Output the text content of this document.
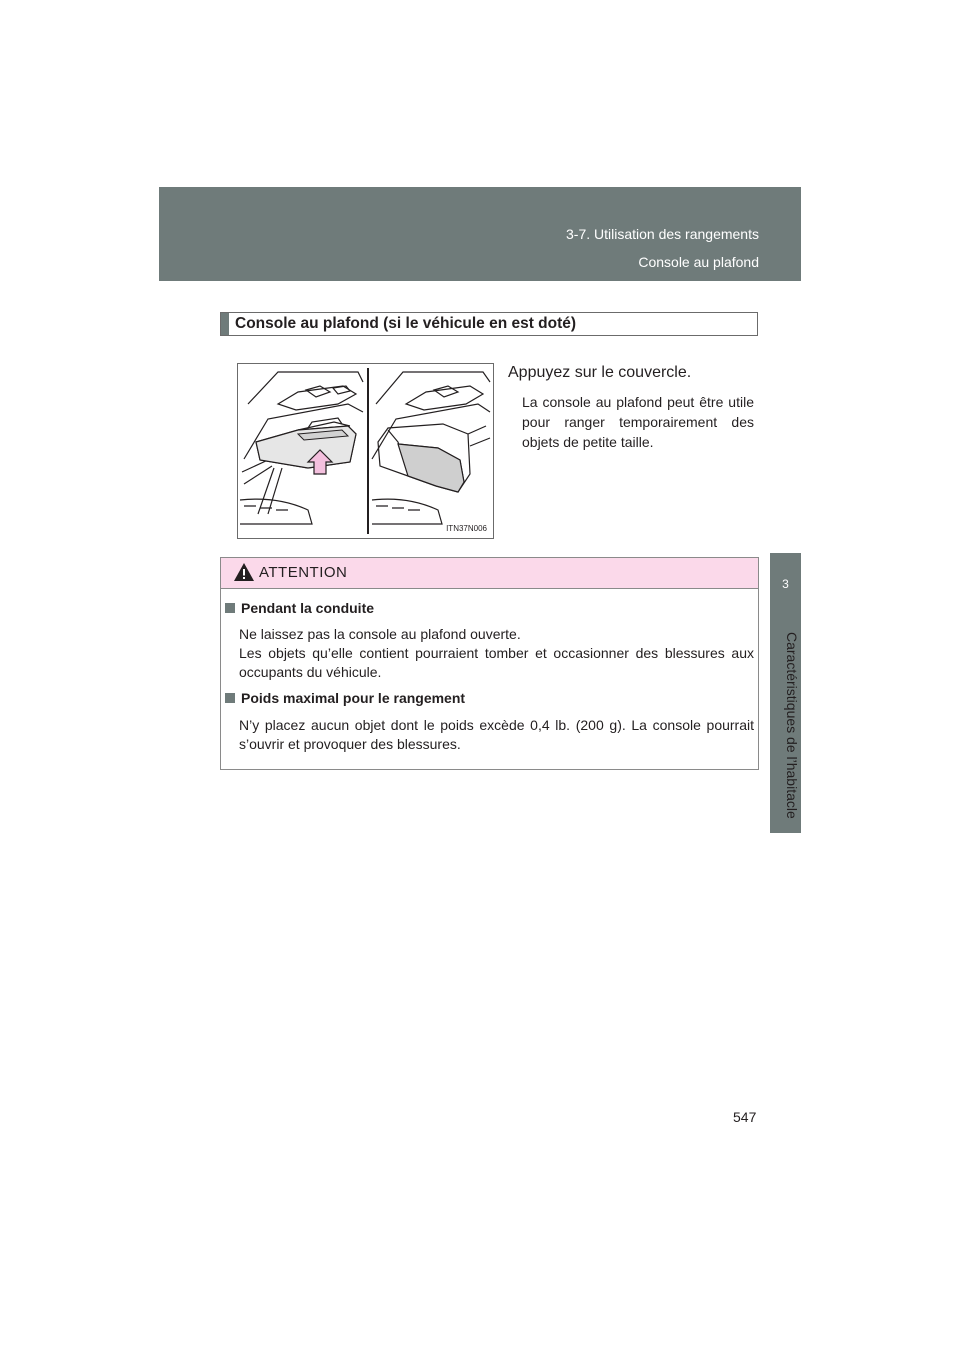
3-7. Utilisation des rangements
Console au plafond
3
Caractéristiques de l’habitacle
Console au plafond (si le véhicule en est doté)
ITN37N006
Appuyez sur le couvercle.
La console au plafond peut être utile pour ranger temporairement des objets de petite taille.
ATTENTION
Pendant la conduite

Ne laissez pas la console au plafond ouverte.

Les objets qu’elle contient pourraient tomber et occasionner des blessures aux occupants du véhicule.

Poids maximal pour le rangement

N’y placez aucun objet dont le poids excède 0,4 lb. (200 g). La console pourrait s’ouvrir et provoquer des blessures.

547
